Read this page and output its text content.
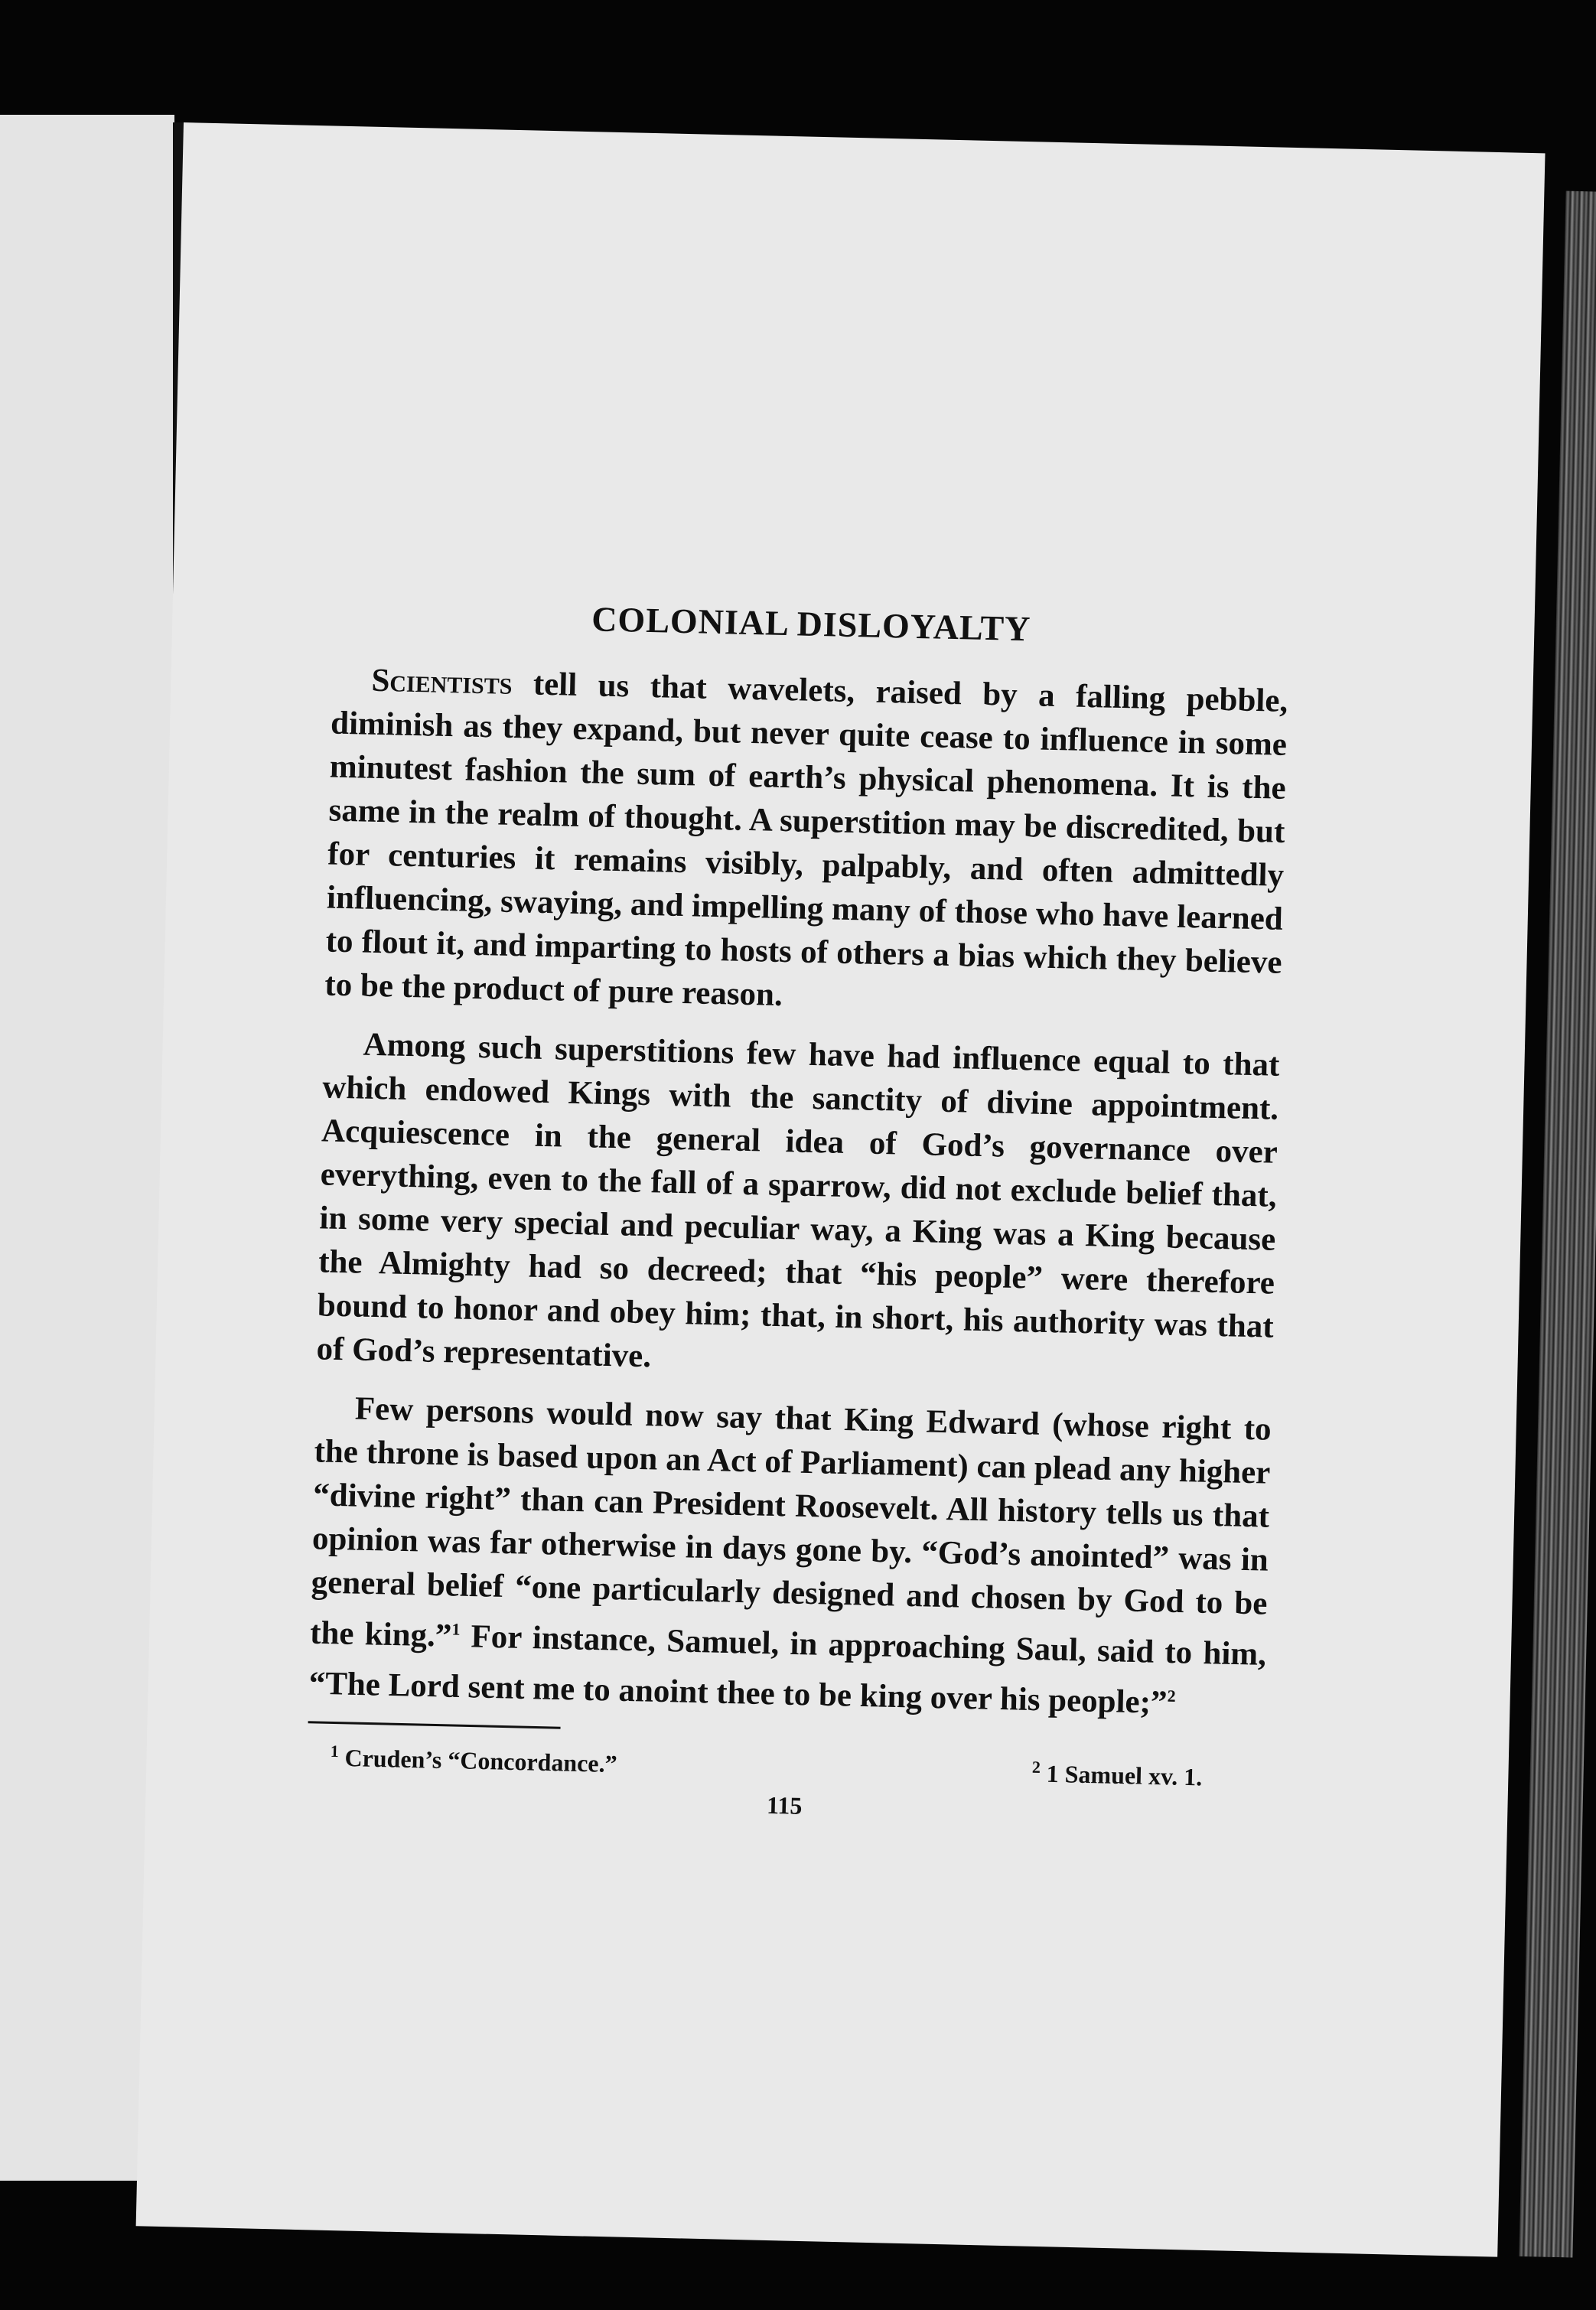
COLONIAL DISLOYALTY

Scientists tell us that wavelets, raised by a falling pebble, diminish as they expand, but never quite cease to influence in some minutest fashion the sum of earth’s physical phenomena. It is the same in the realm of thought. A superstition may be discredited, but for centuries it remains visibly, palpably, and often admittedly influencing, swaying, and impelling many of those who have learned to flout it, and imparting to hosts of others a bias which they believe to be the product of pure reason.

Among such superstitions few have had influence equal to that which endowed Kings with the sanctity of divine appointment. Acquiescence in the general idea of God’s governance over everything, even to the fall of a sparrow, did not exclude belief that, in some very special and peculiar way, a King was a King because the Almighty had so decreed; that “his people” were therefore bound to honor and obey him; that, in short, his authority was that of God’s representative.

Few persons would now say that King Edward (whose right to the throne is based upon an Act of Parliament) can plead any higher “divine right” than can President Roosevelt. All history tells us that opinion was far otherwise in days gone by. “God’s anointed” was in general belief “one particularly designed and chosen by God to be the king.”$^1$ For instance, Samuel, in approaching Saul, said to him, “The Lord sent me to anoint thee to be king over his people;”$^2$

$^1$ Cruden’s “Concordance.”	$^2$ 1 Samuel xv. 1.
115
